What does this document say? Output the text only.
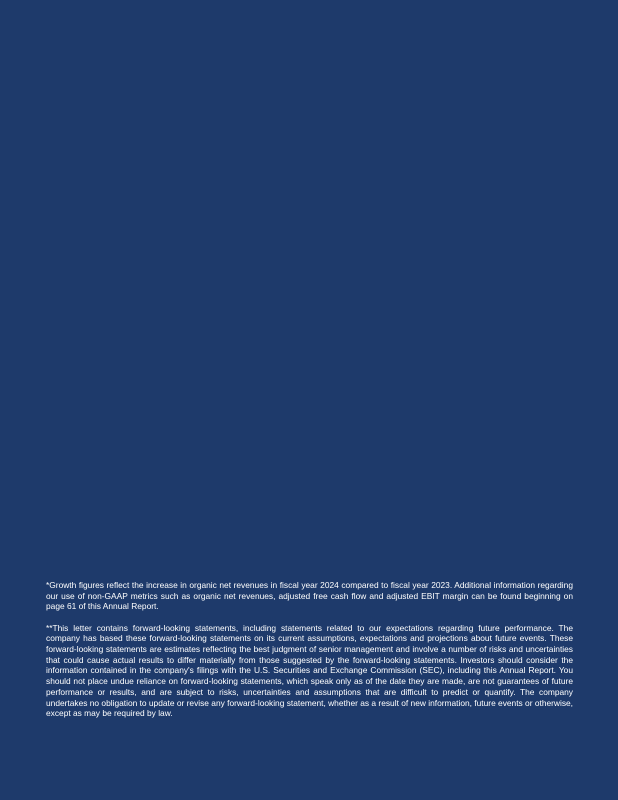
*Growth figures reflect the increase in organic net revenues in fiscal year 2024 compared to fiscal year 2023. Additional information regarding our use of non-GAAP metrics such as organic net revenues, adjusted free cash flow and adjusted EBIT margin can be found beginning on page 61 of this Annual Report.

**This letter contains forward-looking statements, including statements related to our expectations regarding future performance. The company has based these forward-looking statements on its current assumptions, expectations and projections about future events. These forward-looking statements are estimates reflecting the best judgment of senior management and involve a number of risks and uncertainties that could cause actual results to differ materially from those suggested by the forward-looking statements. Investors should consider the information contained in the company's filings with the U.S. Securities and Exchange Commission (SEC), including this Annual Report. You should not place undue reliance on forward-looking statements, which speak only as of the date they are made, are not guarantees of future performance or results, and are subject to risks, uncertainties and assumptions that are difficult to predict or quantify. The company undertakes no obligation to update or revise any forward-looking statement, whether as a result of new information, future events or otherwise, except as may be required by law.
